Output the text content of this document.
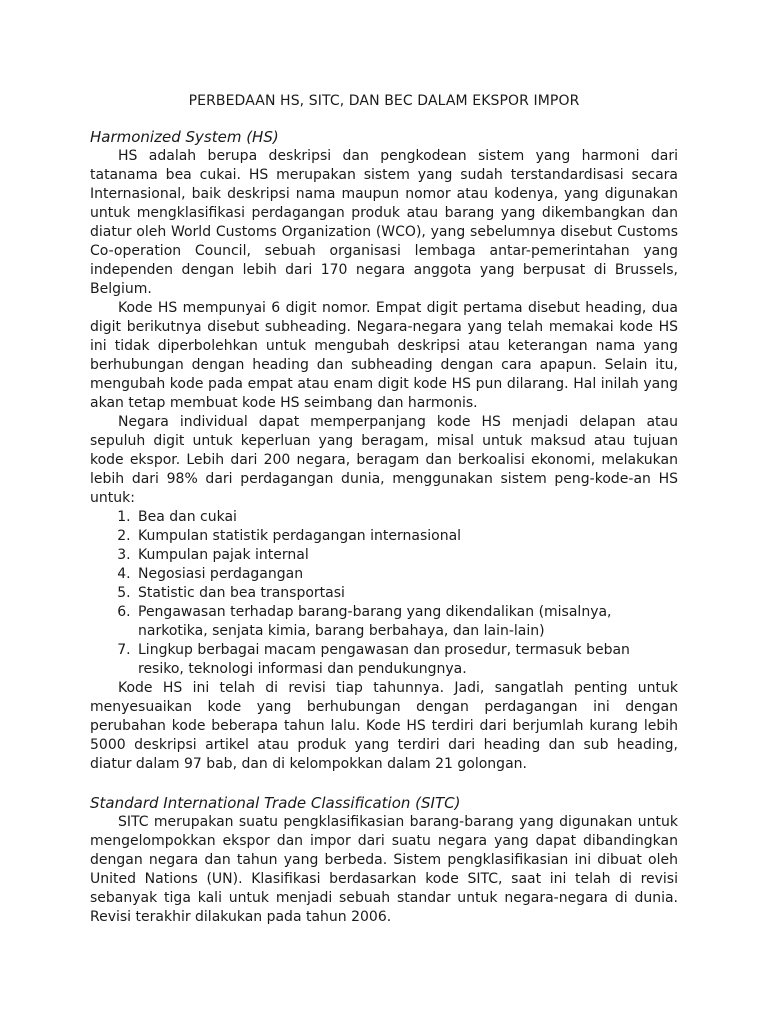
PERBEDAAN HS, SITC, DAN BEC DALAM EKSPOR IMPOR
Harmonized System (HS)

HS adalah berupa deskripsi dan pengkodean sistem yang harmoni dari tatanama bea cukai. HS merupakan sistem yang sudah terstandardisasi secara Internasional, baik deskripsi nama maupun nomor atau kodenya, yang digunakan untuk mengklasifikasi perdagangan produk atau barang yang dikembangkan dan diatur oleh World Customs Organization (WCO), yang sebelumnya disebut Customs Co-operation Council, sebuah organisasi lembaga antar-pemerintahan yang independen dengan lebih dari 170 negara anggota yang berpusat di Brussels, Belgium.

Kode HS mempunyai 6 digit nomor. Empat digit pertama disebut heading, dua digit berikutnya disebut subheading. Negara-negara yang telah memakai kode HS ini tidak diperbolehkan untuk mengubah deskripsi atau keterangan nama yang berhubungan dengan heading dan subheading dengan cara apapun. Selain itu, mengubah kode pada empat atau enam digit kode HS pun dilarang. Hal inilah yang akan tetap membuat kode HS seimbang dan harmonis.

Negara individual dapat memperpanjang kode HS menjadi delapan atau sepuluh digit untuk keperluan yang beragam, misal untuk maksud atau tujuan kode ekspor. Lebih dari 200 negara, beragam dan berkoalisi ekonomi, melakukan lebih dari 98% dari perdagangan dunia, menggunakan sistem peng-kode-an HS untuk:

1. Bea dan cukai
2. Kumpulan statistik perdagangan internasional
3. Kumpulan pajak internal
4. Negosiasi perdagangan
5. Statistic dan bea transportasi
6. Pengawasan terhadap barang-barang yang dikendalikan (misalnya, narkotika, senjata kimia, barang berbahaya, dan lain-lain)
7. Lingkup berbagai macam pengawasan dan prosedur, termasuk beban resiko, teknologi informasi dan pendukungnya.

Kode HS ini telah di revisi tiap tahunnya. Jadi, sangatlah penting untuk menyesuaikan kode yang berhubungan dengan perdagangan ini dengan perubahan kode beberapa tahun lalu. Kode HS terdiri dari berjumlah kurang lebih 5000 deskripsi artikel atau produk yang terdiri dari heading dan sub heading, diatur dalam 97 bab, dan di kelompokkan dalam 21 golongan.

Standard International Trade Classification (SITC)

SITC merupakan suatu pengklasifikasian barang-barang yang digunakan untuk mengelompokkan ekspor dan impor dari suatu negara yang dapat dibandingkan dengan negara dan tahun yang berbeda. Sistem pengklasifikasian ini dibuat oleh United Nations (UN). Klasifikasi berdasarkan kode SITC, saat ini telah di revisi sebanyak tiga kali untuk menjadi sebuah standar untuk negara-negara di dunia. Revisi terakhir dilakukan pada tahun 2006.
